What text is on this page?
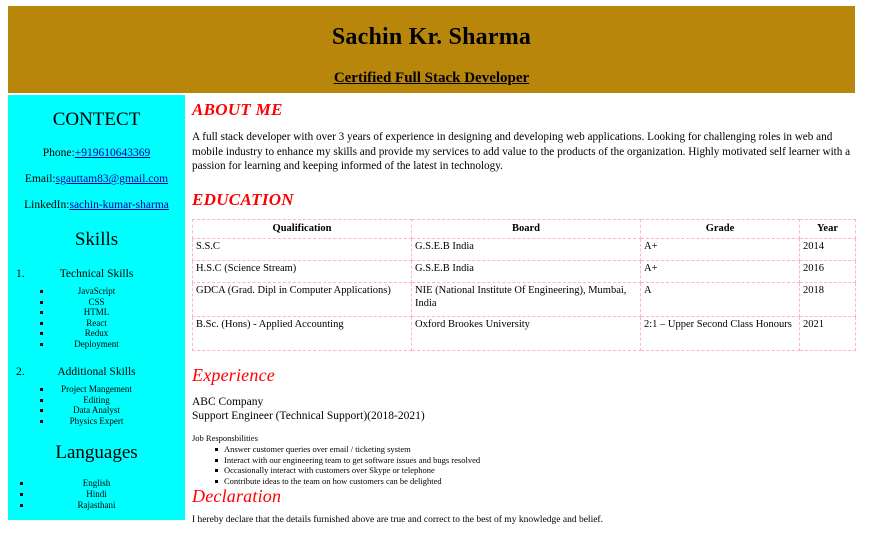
Sachin Kr. Sharma
Certified Full Stack Developer
CONTECT
Phone:+919610643369
Email:sgauttam83@gmail.com
LinkedIn:sachin-kumar-sharma
Skills
1.	Technical Skills
JavaScript
CSS
HTML
React
Redux
Deployment
2.	Additional Skills
Project Mangement
Editing
Data Analyst
Physics Expert
Languages
English
Hindi
Rajasthani
ABOUT ME

A full stack developer with over 3 years of experience in designing and developing web applications. Looking for challenging roles in web and mobile industry to enhance my skills and provide my services to add value to the products of the organization. Highly motivated self learner with a passion for learning and keeping informed of the latest in technology.

EDUCATION
Qualification	Board	Grade	Year
S.S.C	G.S.E.B India	A+	2014
H.S.C (Science Stream)	G.S.E.B India	A+	2016
GDCA (Grad. Dipl in Computer Applications)	NIE (National Institute Of Engineering), Mumbai, India	A	2018
B.Sc. (Hons) - Applied Accounting	Oxford Brookes University	2:1 – Upper Second Class Honours	2021
Experience
ABC Company
Support Engineer (Technical Support)(2018-2021)
Job Responsbilities
Answer customer queries over email / ticketing system
Interact with our engineering team to get software issues and bugs resolved
Occasionally interact with customers over Skype or telephone
Contribute ideas to the team on how customers can be delighted
Declaration

I hereby declare that the details furnished above are true and correct to the best of my knowledge and belief.
